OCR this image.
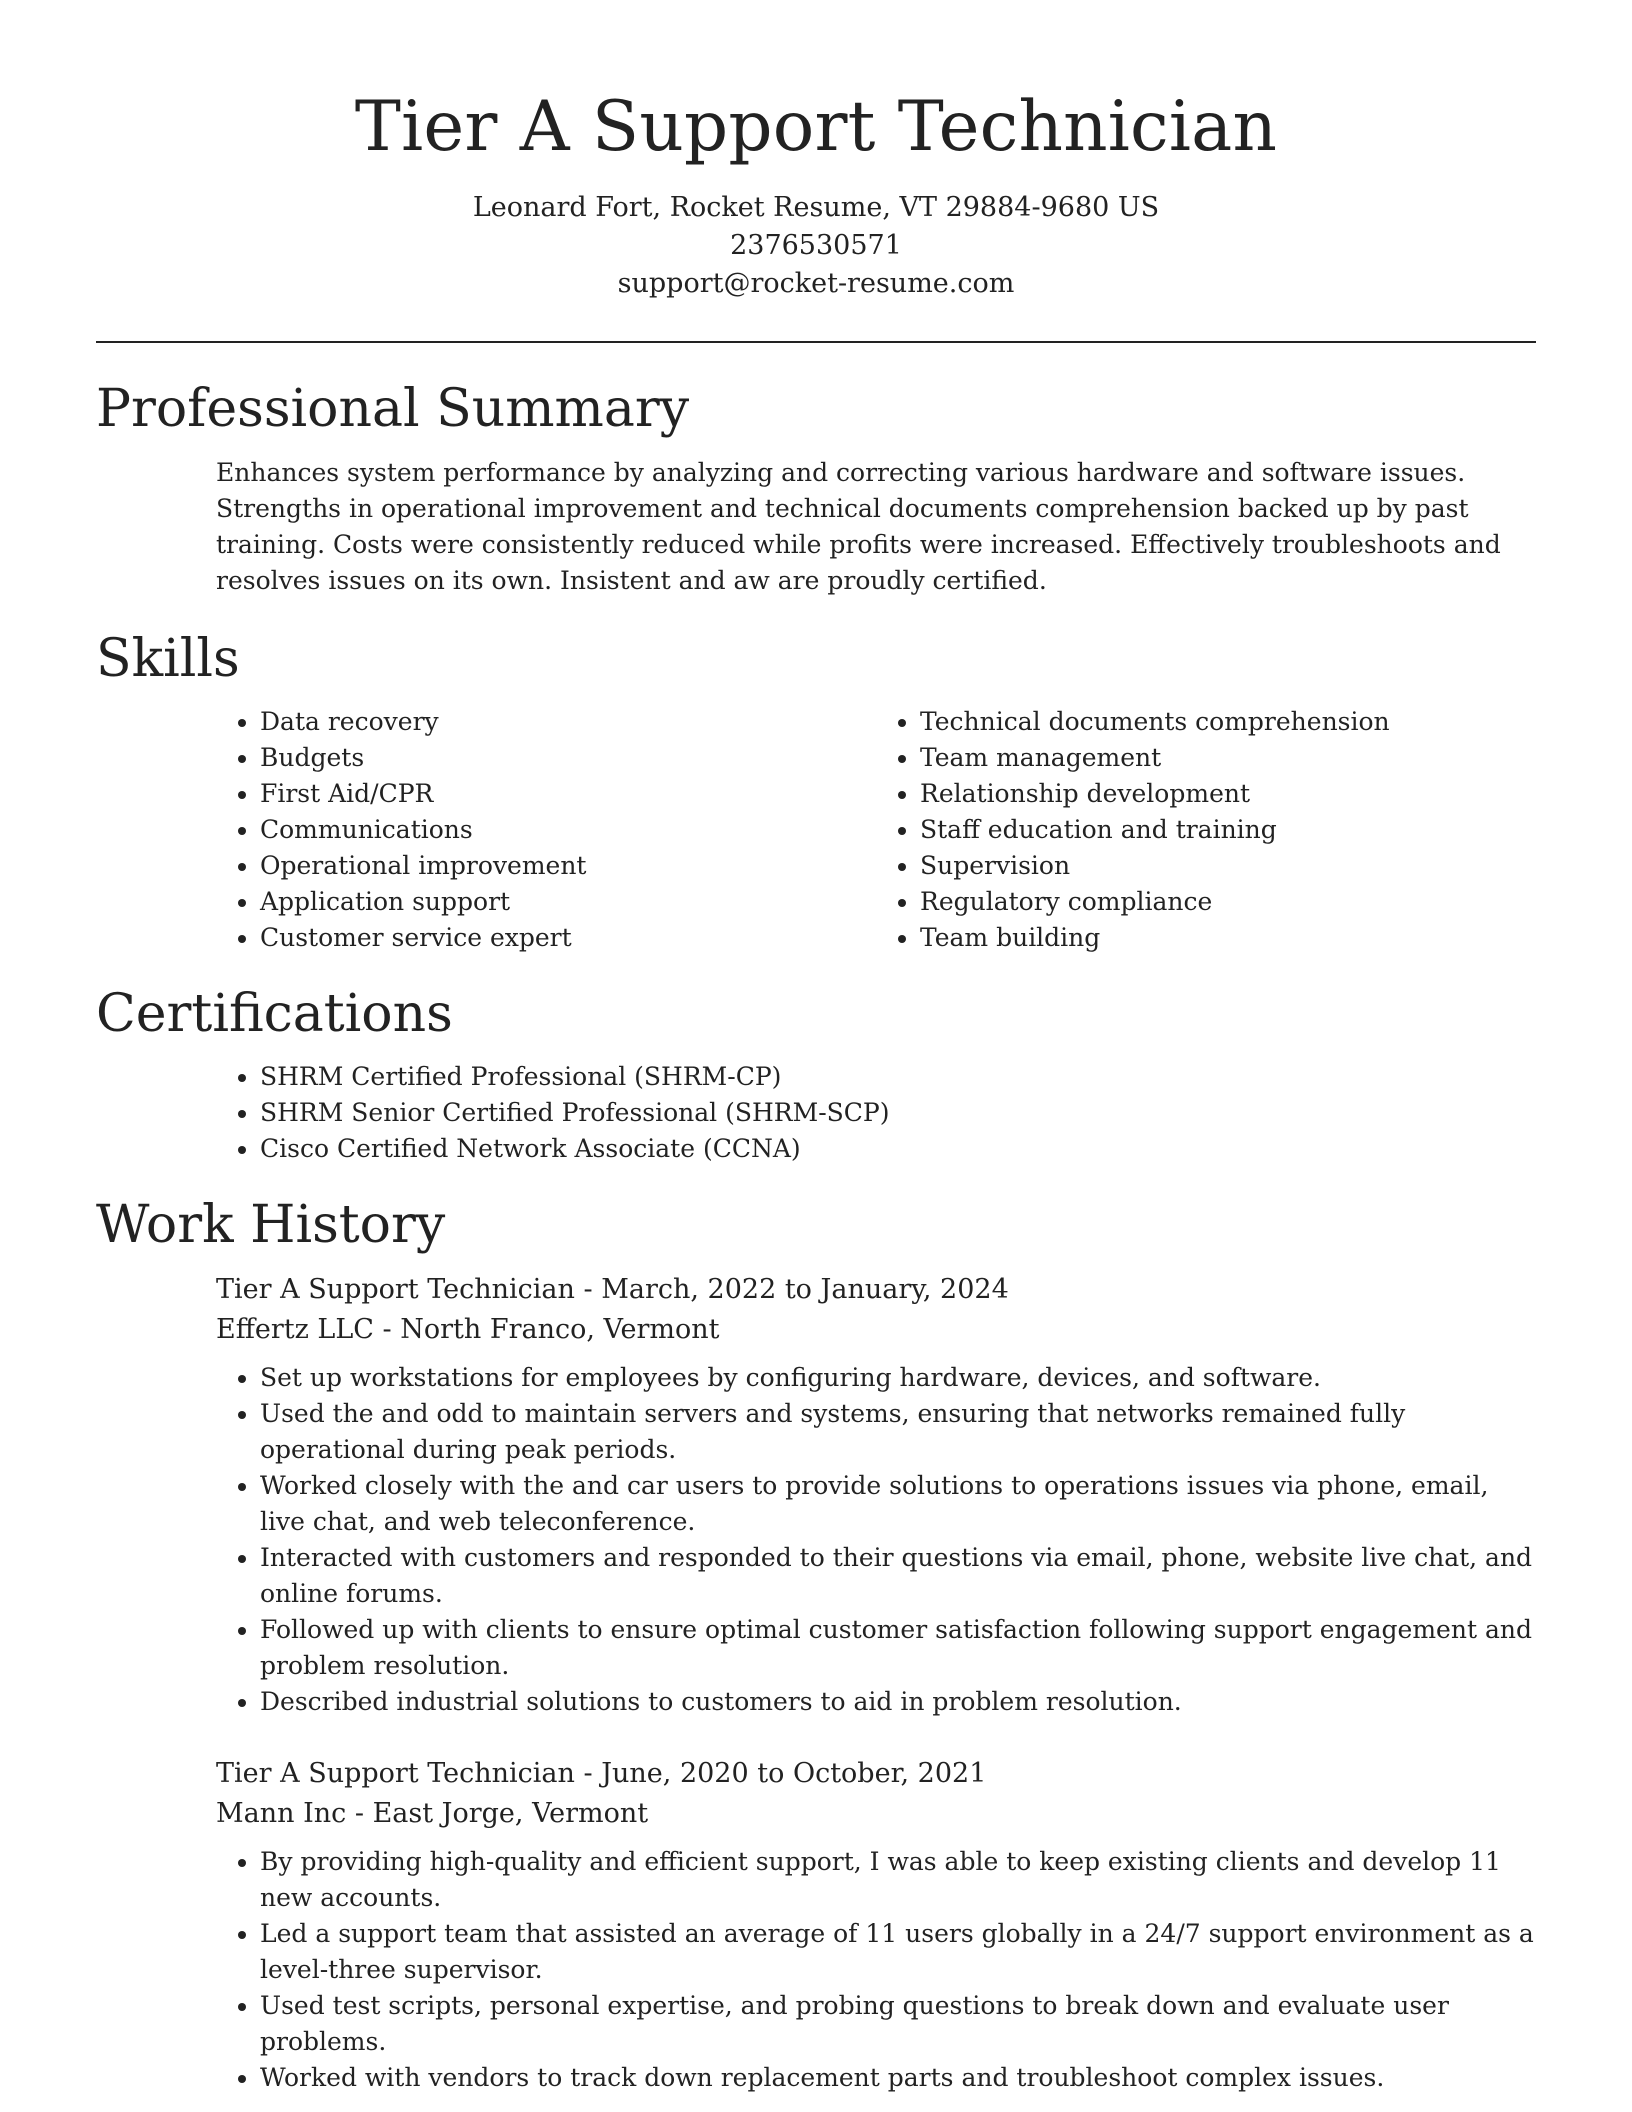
Tier A Support Technician

Leonard Fort, Rocket Resume, VT 29884-9680 US

2376530571

support@rocket-resume.com

Professional Summary

Enhances system performance by analyzing and correcting various hardware and software issues. Strengths in operational improvement and technical documents comprehension backed up by past training. Costs were consistently reduced while profits were increased. Effectively troubleshoots and resolves issues on its own. Insistent and aw are proudly certified.

Skills
• Data recovery
• Budgets
• First Aid/CPR
• Communications
• Operational improvement
• Application support
• Customer service expert
• Technical documents comprehension
• Team management
• Relationship development
• Staff education and training
• Supervision
• Regulatory compliance
• Team building
Certifications
• SHRM Certified Professional (SHRM-CP)
• SHRM Senior Certified Professional (SHRM-SCP)
• Cisco Certified Network Associate (CCNA)
Work History

Tier A Support Technician - March, 2022 to January, 2024

Effertz LLC - North Franco, Vermont

• Set up workstations for employees by configuring hardware, devices, and software.
• Used the and odd to maintain servers and systems, ensuring that networks remained fully operational during peak periods.
• Worked closely with the and car users to provide solutions to operations issues via phone, email, live chat, and web teleconference.
• Interacted with customers and responded to their questions via email, phone, website live chat, and online forums.
• Followed up with clients to ensure optimal customer satisfaction following support engagement and problem resolution.
• Described industrial solutions to customers to aid in problem resolution.

Tier A Support Technician - June, 2020 to October, 2021

Mann Inc - East Jorge, Vermont

• By providing high-quality and efficient support, I was able to keep existing clients and develop 11 new accounts.
• Led a support team that assisted an average of 11 users globally in a 24/7 support environment as a level-three supervisor.
• Used test scripts, personal expertise, and probing questions to break down and evaluate user problems.
• Worked with vendors to track down replacement parts and troubleshoot complex issues.
